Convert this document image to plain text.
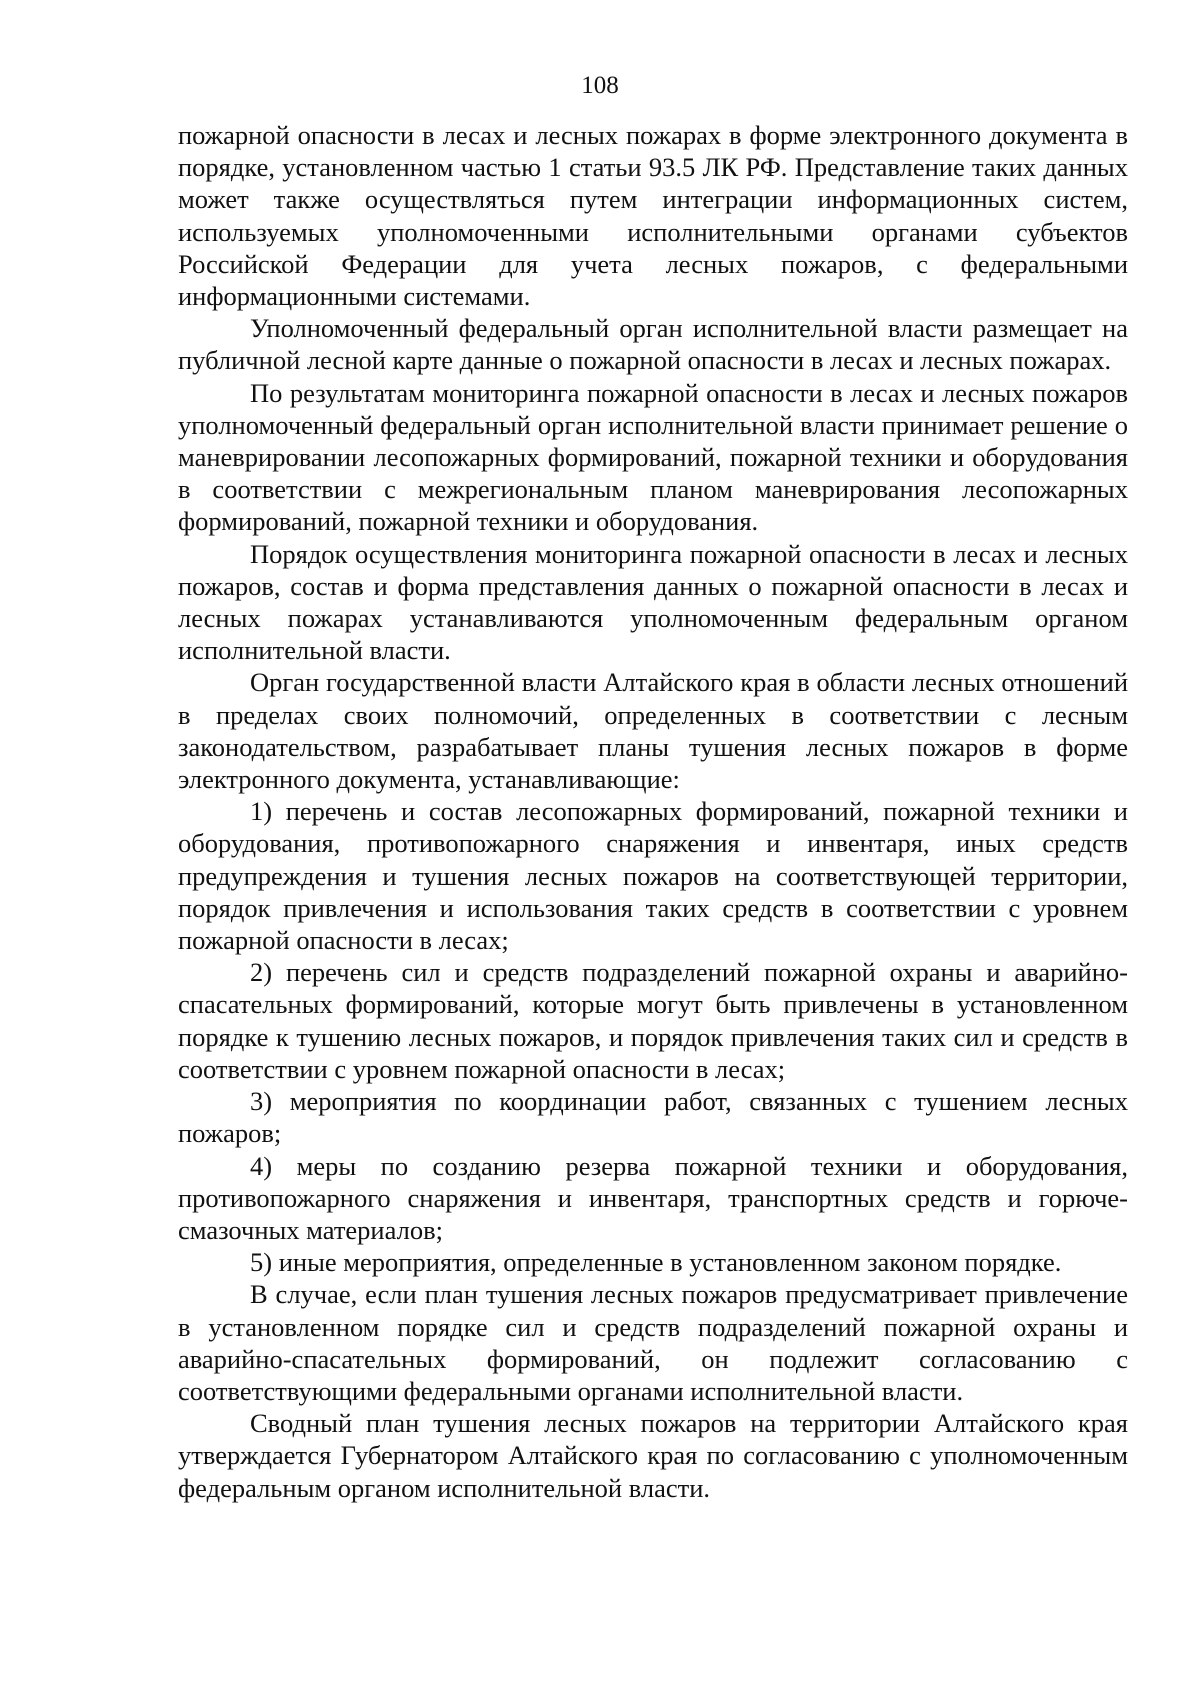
108

пожарной опасности в лесах и лесных пожарах в форме электронного документа в порядке, установленном частью 1 статьи 93.5 ЛК РФ. Представление таких данных может также осуществляться путем интеграции информационных систем, используемых уполномоченными исполнительными органами субъектов Российской Федерации для учета лесных пожаров, с федеральными информационными системами.

Уполномоченный федеральный орган исполнительной власти размещает на публичной лесной карте данные о пожарной опасности в лесах и лесных пожарах.

По результатам мониторинга пожарной опасности в лесах и лесных пожаров уполномоченный федеральный орган исполнительной власти принимает решение о маневрировании лесопожарных формирований, пожарной техники и оборудования в соответствии с межрегиональным планом маневрирования лесопожарных формирований, пожарной техники и оборудования.

Порядок осуществления мониторинга пожарной опасности в лесах и лесных пожаров, состав и форма представления данных о пожарной опасности в лесах и лесных пожарах устанавливаются уполномоченным федеральным органом исполнительной власти.

Орган государственной власти Алтайского края в области лесных отношений в пределах своих полномочий, определенных в соответствии с лесным законодательством, разрабатывает планы тушения лесных пожаров в форме электронного документа, устанавливающие:

1) перечень и состав лесопожарных формирований, пожарной техники и оборудования, противопожарного снаряжения и инвентаря, иных средств предупреждения и тушения лесных пожаров на соответствующей территории, порядок привлечения и использования таких средств в соответствии с уровнем пожарной опасности в лесах;

2) перечень сил и средств подразделений пожарной охраны и аварийно-спасательных формирований, которые могут быть привлечены в установленном порядке к тушению лесных пожаров, и порядок привлечения таких сил и средств в соответствии с уровнем пожарной опасности в лесах;

3) мероприятия по координации работ, связанных с тушением лесных пожаров;

4) меры по созданию резерва пожарной техники и оборудования, противопожарного снаряжения и инвентаря, транспортных средств и горюче-смазочных материалов;

5) иные мероприятия, определенные в установленном законом порядке.

В случае, если план тушения лесных пожаров предусматривает привлечение в установленном порядке сил и средств подразделений пожарной охраны и аварийно-спасательных формирований, он подлежит согласованию с соответствующими федеральными органами исполнительной власти.

Сводный план тушения лесных пожаров на территории Алтайского края утверждается Губернатором Алтайского края по согласованию с уполномоченным федеральным органом исполнительной власти.
